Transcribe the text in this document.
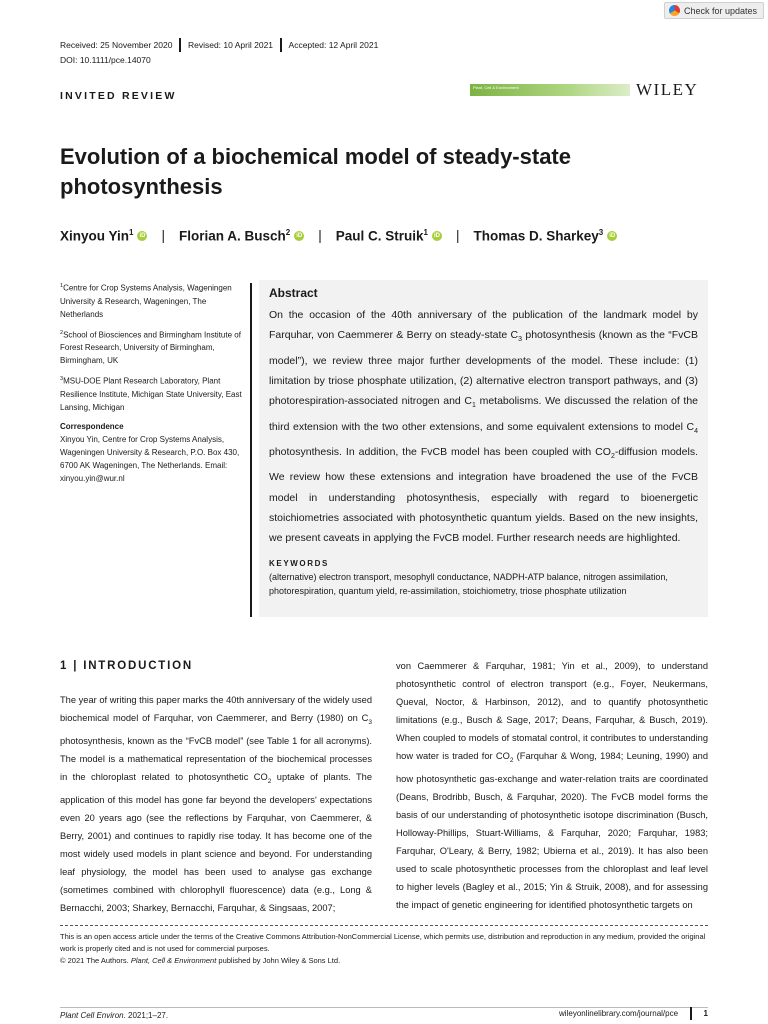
Check for updates
Received: 25 November 2020 Revised: 10 April 2021 Accepted: 12 April 2021
DOI: 10.1111/pce.14070
INVITED REVIEW
Plant, Cell & Environment	WILEY
Evolution of a biochemical model of steady-state photosynthesis
Xinyou Yin$^1$	iD | Florian A. Busch$^2$	iD | Paul C. Struik$^1$	iD | Thomas D. Sharkey$^3$	iD

$^1$Centre for Crop Systems Analysis, Wageningen University & Research, Wageningen, The Netherlands

$^2$School of Biosciences and Birmingham Institute of Forest Research, University of Birmingham, Birmingham, UK

$^3$MSU-DOE Plant Research Laboratory, Plant Resilience Institute, Michigan State University, East Lansing, Michigan

Correspondence
Xinyou Yin, Centre for Crop Systems Analysis, Wageningen University & Research, P.O. Box 430, 6700 AK Wageningen, The Netherlands. Email: xinyou.yin@wur.nl
Abstract
On the occasion of the 40th anniversary of the publication of the landmark model by Farquhar, von Caemmerer & Berry on steady-state $C_3$ photosynthesis (known as the “FvCB model”), we review three major further developments of the model. These include: (1) limitation by triose phosphate utilization, (2) alternative electron transport pathways, and (3) photorespiration-associated nitrogen and $C_1$ metabolisms. We discussed the relation of the third extension with the two other extensions, and some equivalent extensions to model $C_4$ photosynthesis. In addition, the FvCB model has been coupled with $CO_2$-diffusion models. We review how these extensions and integration have broadened the use of the FvCB model in understanding photosynthesis, especially with regard to bioenergetic stoichiometries associated with photosynthetic quantum yields. Based on the new insights, we present caveats in applying the FvCB model. Further research needs are highlighted.
KEYWORDS
(alternative) electron transport, mesophyll conductance, NADPH-ATP balance, nitrogen assimilation, photorespiration, quantum yield, re-assimilation, stoichiometry, triose phosphate utilization
1 | INTRODUCTION
The year of writing this paper marks the 40th anniversary of the widely used biochemical model of Farquhar, von Caemmerer, and Berry (1980) on $C_3$ photosynthesis, known as the “FvCB model” (see Table 1 for all acronyms). The model is a mathematical representation of the biochemical processes in the chloroplast related to photosynthetic $CO_2$ uptake of plants. The application of this model has gone far beyond the developers' expectations even 20 years ago (see the reflections by Farquhar, von Caemmerer, & Berry, 2001) and continues to rapidly rise today. It has become one of the most widely used models in plant science and beyond. For understanding leaf physiology, the model has been used to analyse gas exchange (sometimes combined with chlorophyll fluorescence) data (e.g., Long & Bernacchi, 2003; Sharkey, Bernacchi, Farquhar, & Singsaas, 2007;
von Caemmerer & Farquhar, 1981; Yin et al., 2009), to understand photosynthetic control of electron transport (e.g., Foyer, Neukermans, Queval, Noctor, & Harbinson, 2012), and to quantify photosynthetic limitations (e.g., Busch & Sage, 2017; Deans, Farquhar, & Busch, 2019). When coupled to models of stomatal control, it contributes to understanding how water is traded for $CO_2$ (Farquhar & Wong, 1984; Leuning, 1990) and how photosynthetic gas-exchange and water-relation traits are coordinated (Deans, Brodribb, Busch, & Farquhar, 2020). The FvCB model forms the basis of our understanding of photosynthetic isotope discrimination (Busch, Holloway-Phillips, Stuart-Williams, & Farquhar, 2020; Farquhar, 1983; Farquhar, O'Leary, & Berry, 1982; Ubierna et al., 2019). It has also been used to scale photosynthetic processes from the chloroplast and leaf level to higher levels (Bagley et al., 2015; Yin & Struik, 2008), and for assessing the impact of genetic engineering for identified photosynthetic targets on
This is an open access article under the terms of the Creative Commons Attribution-NonCommercial License, which permits use, distribution and reproduction in any medium, provided the original work is properly cited and is not used for commercial purposes.
© 2021 The Authors. Plant, Cell & Environment published by John Wiley & Sons Ltd.
Plant Cell Environ. 2021;1–27.	wileyonlinelibrary.com/journal/pce	1
